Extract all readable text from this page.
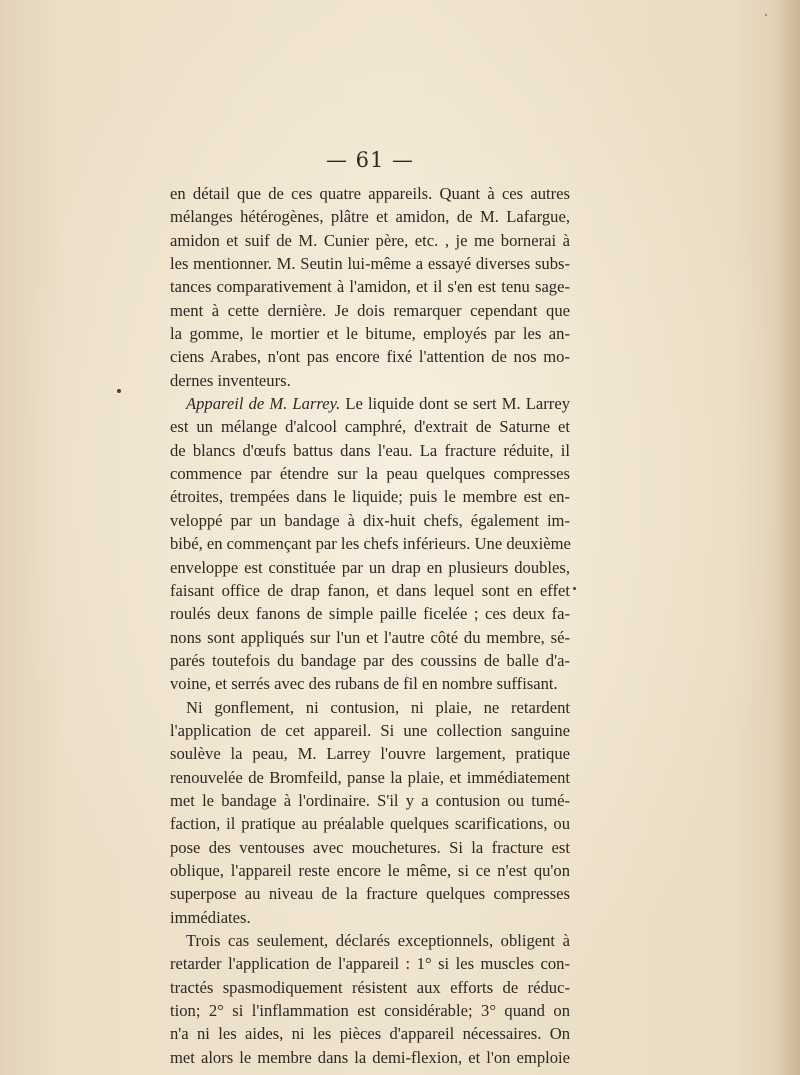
— 61 —
en détail que de ces quatre appareils. Quant à ces autres
mélanges hétérogènes, plâtre et amidon, de M. Lafargue,
amidon et suif de M. Cunier père, etc. , je me bornerai à
les mentionner. M. Seutin lui-même a essayé diverses subs-
tances comparativement à l'amidon, et il s'en est tenu sage-
ment à cette dernière. Je dois remarquer cependant que
la gomme, le mortier et le bitume, employés par les an-
ciens Arabes, n'ont pas encore fixé l'attention de nos mo-
dernes inventeurs.
Appareil de M. Larrey. Le liquide dont se sert M. Larrey
est un mélange d'alcool camphré, d'extrait de Saturne et
de blancs d'œufs battus dans l'eau. La fracture réduite, il
commence par étendre sur la peau quelques compresses
étroites, trempées dans le liquide; puis le membre est en-
veloppé par un bandage à dix-huit chefs, également im-
bibé, en commençant par les chefs inférieurs. Une deuxième
enveloppe est constituée par un drap en plusieurs doubles,
faisant office de drap fanon, et dans lequel sont en effet
roulés deux fanons de simple paille ficelée ; ces deux fa-
nons sont appliqués sur l'un et l'autre côté du membre, sé-
parés toutefois du bandage par des coussins de balle d'a-
voine, et serrés avec des rubans de fil en nombre suffisant.
Ni gonflement, ni contusion, ni plaie, ne retardent
l'application de cet appareil. Si une collection sanguine
soulève la peau, M. Larrey l'ouvre largement, pratique
renouvelée de Bromfeild, panse la plaie, et immédiatement
met le bandage à l'ordinaire. S'il y a contusion ou tumé-
faction, il pratique au préalable quelques scarifications, ou
pose des ventouses avec mouchetures. Si la fracture est
oblique, l'appareil reste encore le même, si ce n'est qu'on
superpose au niveau de la fracture quelques compresses
immédiates.
Trois cas seulement, déclarés exceptionnels, obligent à
retarder l'application de l'appareil : 1° si les muscles con-
tractés spasmodiquement résistent aux efforts de réduc-
tion; 2° si l'inflammation est considérable; 3° quand on
n'a ni les aides, ni les pièces d'appareil nécessaires. On
met alors le membre dans la demi-flexion, et l'on emploie
